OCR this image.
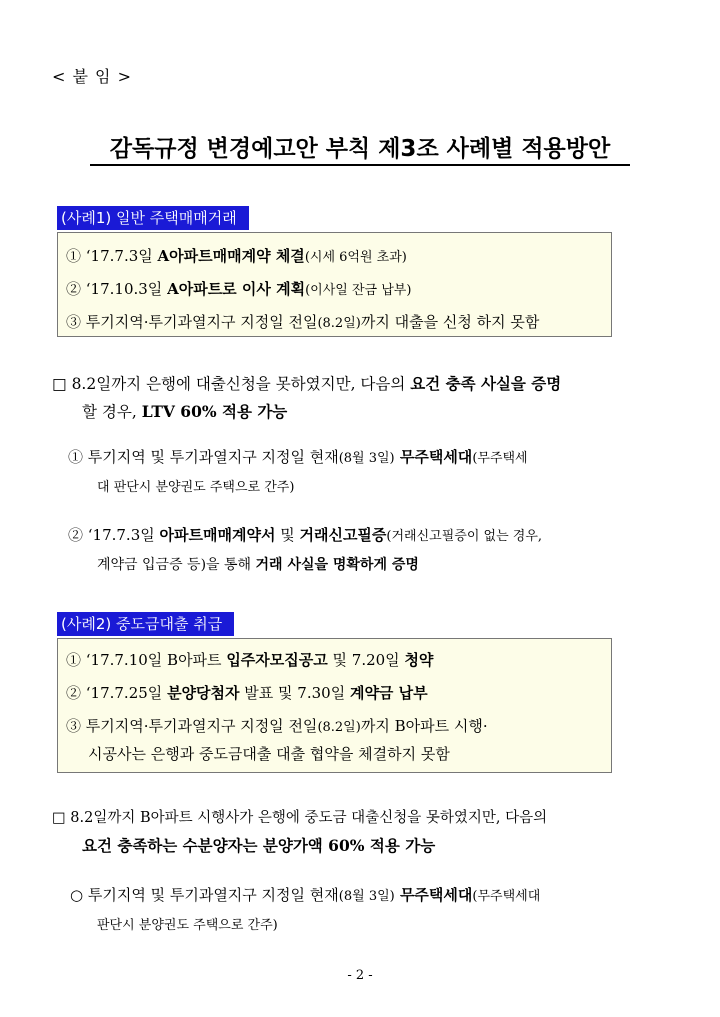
< 붙 임 >
감독규정 변경예고안 부칙 제3조 사례별 적용방안
(사례1) 일반 주택매매거래
① ‘17.7.3일 A아파트매매계약 체결(시세 6억원 초과)
② ‘17.10.3일 A아파트로 이사 계획(이사일 잔금 납부)
③ 투기지역·투기과열지구 지정일 전일(8.2일)까지 대출을 신청 하지 못함
□ 8.2일까지 은행에 대출신청을 못하였지만, 다음의 요건 충족 사실을 증명
할 경우, LTV 60% 적용 가능
① 투기지역 및 투기과열지구 지정일 현재(8월 3일) 무주택세대(무주택세
대 판단시 분양권도 주택으로 간주)
② ‘17.7.3일 아파트매매계약서 및 거래신고필증(거래신고필증이 없는 경우,
계약금 입금증 등)을 통해 거래 사실을 명확하게 증명
(사례2) 중도금대출 취급
① ‘17.7.10일 B아파트 입주자모집공고 및 7.20일 청약
② ‘17.7.25일 분양당첨자 발표 및 7.30일 계약금 납부
③ 투기지역·투기과열지구 지정일 전일(8.2일)까지 B아파트 시행·
시공사는 은행과 중도금대출 대출 협약을 체결하지 못함
□ 8.2일까지 B아파트 시행사가 은행에 중도금 대출신청을 못하였지만, 다음의
요건 충족하는 수분양자는 분양가액 60% 적용 가능
○ 투기지역 및 투기과열지구 지정일 현재(8월 3일) 무주택세대(무주택세대
판단시 분양권도 주택으로 간주)
- 2 -
